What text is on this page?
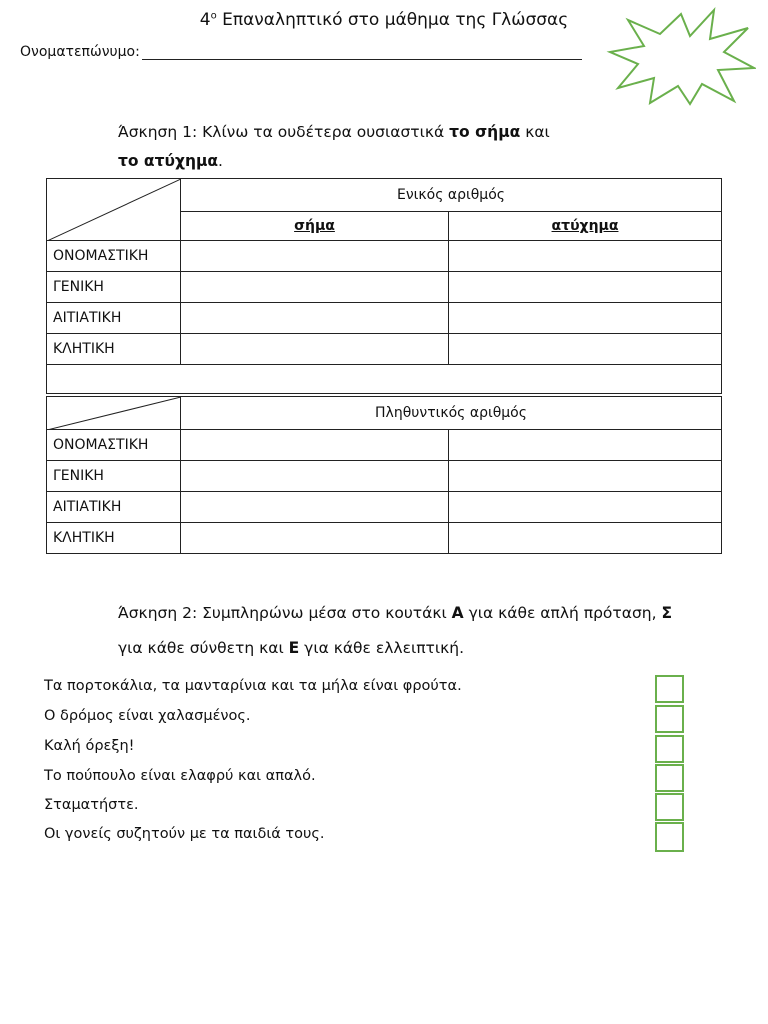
$4^o$ Επαναληπτικό στο μάθημα της Γλώσσας
Ονοματεπώνυμο:
Άσκηση 1: Κλίνω τα ουδέτερα ουσιαστικά το σήμα και
το ατύχημα.
	Ενικός αριθμός	
	σήμα	ατύχημα
ΟΝΟΜΑΣΤΙΚΗ		
ΓΕΝΙΚΗ		
ΑΙΤΙΑΤΙΚΗ		
ΚΛΗΤΙΚΗ		

	Πληθυντικός αριθμός	
ΟΝΟΜΑΣΤΙΚΗ		
ΓΕΝΙΚΗ		
ΑΙΤΙΑΤΙΚΗ		
ΚΛΗΤΙΚΗ		
Άσκηση 2: Συμπληρώνω μέσα στο κουτάκι Α για κάθε απλή πρόταση, Σ για κάθε σύνθετη και Ε για κάθε ελλειπτική.
Τα πορτοκάλια, τα μανταρίνια και τα μήλα είναι φρούτα.
Ο δρόμος είναι χαλασμένος.
Καλή όρεξη!
Το πούπουλο είναι ελαφρύ και απαλό.
Σταματήστε.
Οι γονείς συζητούν με τα παιδιά τους.
